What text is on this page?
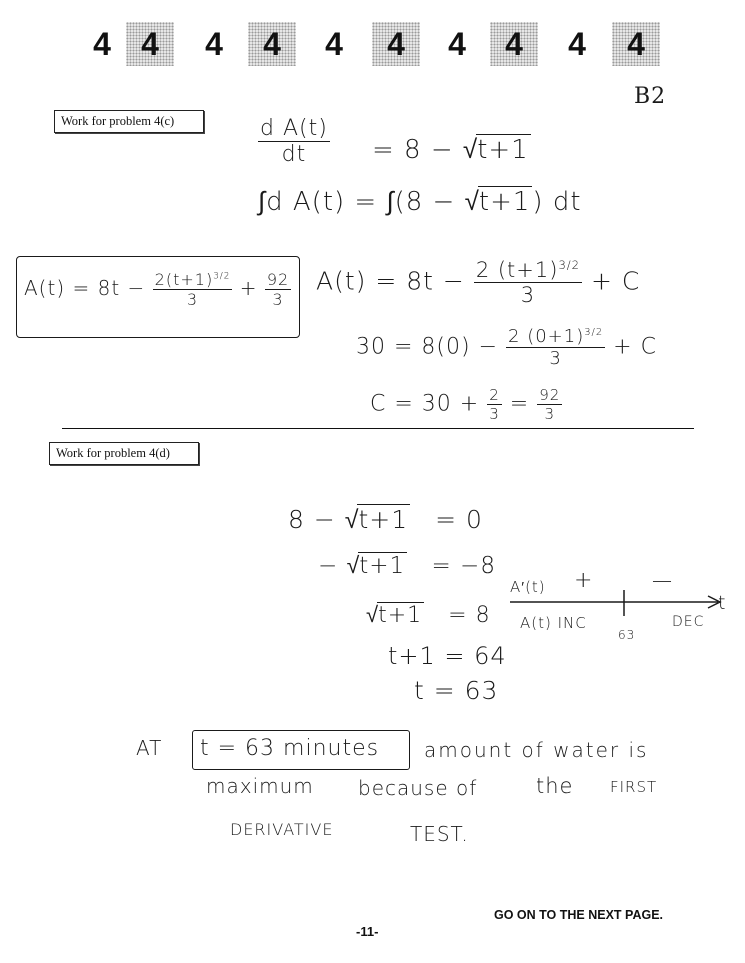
4 4	4	4	4	4	4	4	4	4
B2
Work for problem 4(c)	$\frac{\text{d A(t)}}{dt} = 8 - √t+1$
∫d A(t) = ∫(8 − √t+1) dt
$A(t) = 8t - \frac{2(t+1)^{3/2}}{3} + \frac{92}{3} A(t) = 8t - \frac{2 (t+1)^{3/2}}{3} + C$
$30 = 8(0) - \frac{2 (0+1)^{3/2}}{3} + C$
$C = 30 + \frac{2}{3} = \frac{92}{3}$
Work for problem 4(d)
8 − √t+1 = 0
− √t+1 = −8
√t+1 = 8
t+1 = 64
t = 63
A′(t) +	—
t
A(t) INC
63
DEC
AT t = 63 minutes amount of water is
maximum because of	the FIRST
DERIVATIVE	TEST.
GO ON TO THE NEXT PAGE.
-11-
